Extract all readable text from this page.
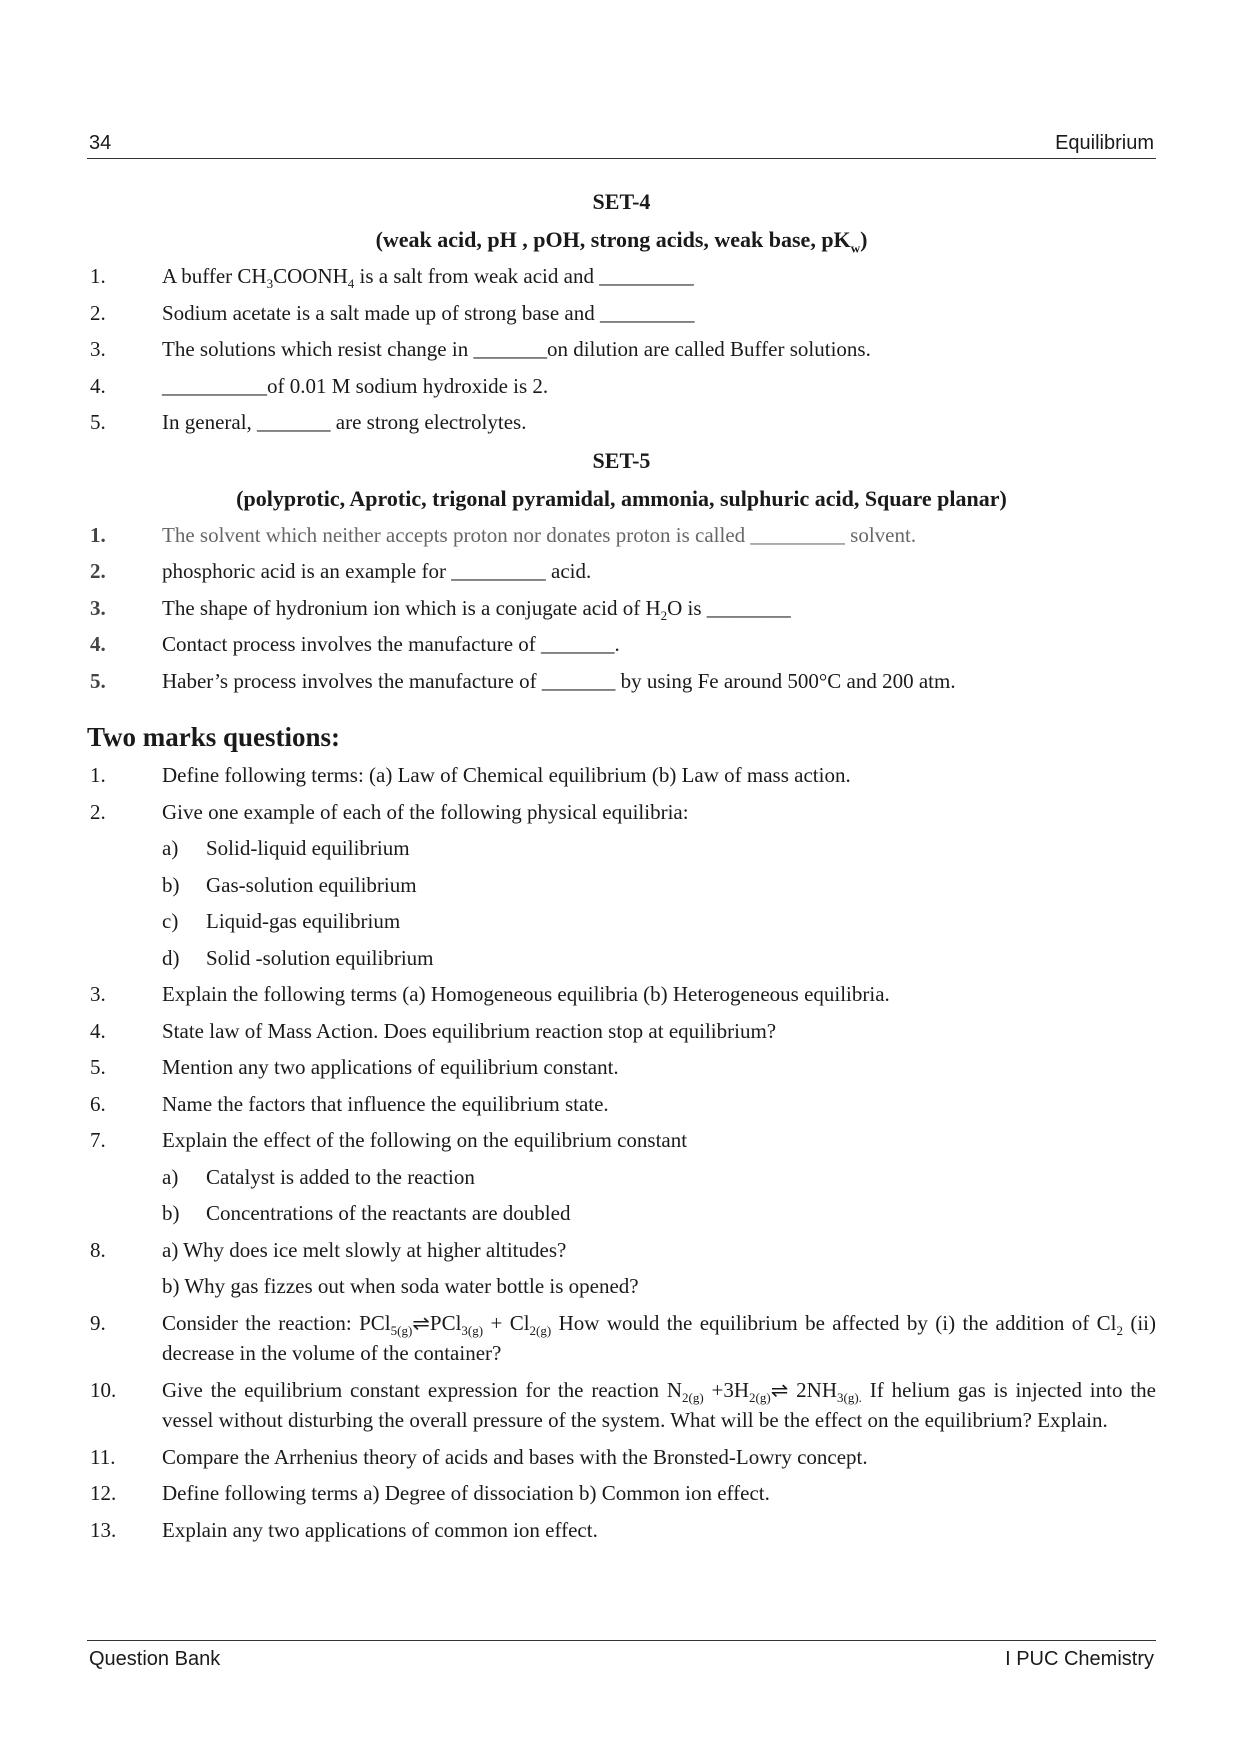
34	Equilibrium
SET-4
(weak acid, pH , pOH, strong acids, weak base, $pK_w$)
1.	A buffer $CH_3COONH_4$ is a salt from weak acid and _________
2.	Sodium acetate is a salt made up of strong base and _________
3.	The solutions which resist change in _______on dilution are called Buffer solutions.
4.	__________of 0.01 M sodium hydroxide is 2.
5.	In general, _______ are strong electrolytes.
SET-5
(polyprotic, Aprotic, trigonal pyramidal, ammonia, sulphuric acid, Square planar)
1.	The solvent which neither accepts proton nor donates proton is called _________ solvent.
2.	phosphoric acid is an example for _________ acid.
3.	The shape of hydronium ion which is a conjugate acid of $H_2O$ is ________
4.	Contact process involves the manufacture of _______.
5.	Haber’s process involves the manufacture of _______ by using Fe around 500°C and 200 atm.
Two marks questions:
1.	Define following terms: (a) Law of Chemical equilibrium (b) Law of mass action.
2.	Give one example of each of the following physical equilibria:
a)	Solid-liquid equilibrium
b)	Gas-solution equilibrium
c)	Liquid-gas equilibrium
d)	Solid -solution equilibrium
3.	Explain the following terms (a) Homogeneous equilibria (b) Heterogeneous equilibria.
4.	State law of Mass Action. Does equilibrium reaction stop at equilibrium?
5.	Mention any two applications of equilibrium constant.
6.	Name the factors that influence the equilibrium state.
7.	Explain the effect of the following on the equilibrium constant
a)	Catalyst is added to the reaction
b)	Concentrations of the reactants are doubled
8.	a) Why does ice melt slowly at higher altitudes?
b) Why gas fizzes out when soda water bottle is opened?
9.	Consider the reaction: PCl$_{5(g)}$⇌PCl$_{3(g)}$ + $Cl_{2(g)}$ How would the equilibrium be affected by (i) the addition of $Cl_2$ (ii) decrease in the volume of the container?
10.	Give the equilibrium constant expression for the reaction $N_{2(g)}$ $+3H_{2(g)}\rightleftharpoons$ $2NH_{3(g).}$ If helium gas is injected into the vessel without disturbing the overall pressure of the system. What will be the effect on the equilibrium? Explain.
11.	Compare the Arrhenius theory of acids and bases with the Bronsted-Lowry concept.
12.	Define following terms a) Degree of dissociation b) Common ion effect.
13.	Explain any two applications of common ion effect.
Question Bank	I PUC Chemistry
